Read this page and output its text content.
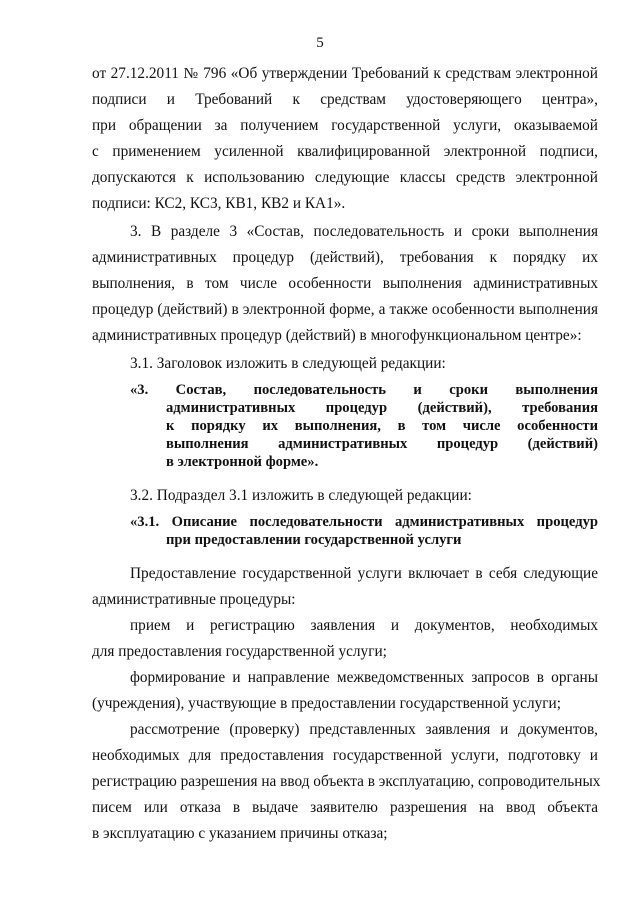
5
от 27.12.2011 № 796 «Об утверждении Требований к средствам электронной
подписи и Требований к средствам удостоверяющего центра»,
при обращении за получением государственной услуги, оказываемой
с применением усиленной квалифицированной электронной подписи,
допускаются к использованию следующие классы средств электронной
подписи: КС2, КС3, КВ1, КВ2 и КА1».
3. В разделе 3 «Состав, последовательность и сроки выполнения
административных процедур (действий), требования к порядку их
выполнения, в том числе особенности выполнения административных
процедур (действий) в электронной форме, а также особенности выполнения
административных процедур (действий) в многофункциональном центре»:
3.1. Заголовок изложить в следующей редакции:
«3. Состав, последовательность и сроки выполнения
административных процедур (действий), требования
к порядку их выполнения, в том числе особенности
выполнения административных процедур (действий)
в электронной форме».
3.2. Подраздел 3.1 изложить в следующей редакции:
«3.1. Описание последовательности административных процедур
при предоставлении государственной услуги
Предоставление государственной услуги включает в себя следующие
административные процедуры:
прием и регистрацию заявления и документов, необходимых
для предоставления государственной услуги;
формирование и направление межведомственных запросов в органы
(учреждения), участвующие в предоставлении государственной услуги;
рассмотрение (проверку) представленных заявления и документов,
необходимых для предоставления государственной услуги, подготовку и
регистрацию разрешения на ввод объекта в эксплуатацию, сопроводительных
писем или отказа в выдаче заявителю разрешения на ввод объекта
в эксплуатацию с указанием причины отказа;
